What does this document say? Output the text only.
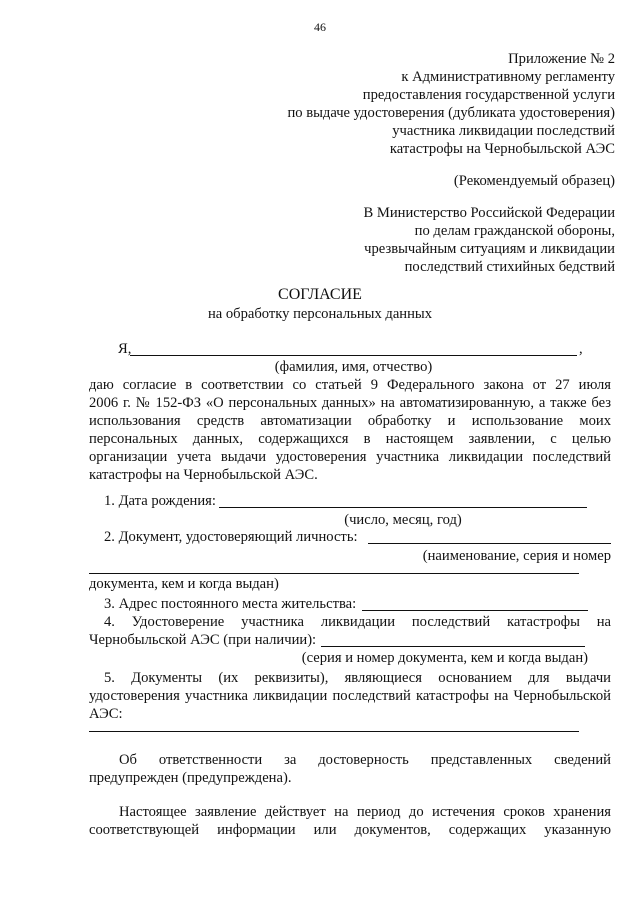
46
Приложение № 2
к Административному регламенту
предоставления государственной услуги
по выдаче удостоверения (дубликата удостоверения)
участника ликвидации последствий
катастрофы на Чернобыльской АЭС
(Рекомендуемый образец)
В Министерство Российской Федерации
по делам гражданской обороны,
чрезвычайным ситуациям и ликвидации
последствий стихийных бедствий
СОГЛАСИЕ
на обработку персональных данных
Я,	,
(фамилия, имя, отчество)
даю согласие в соответствии со статьей 9 Федерального закона от 27 июля
2006 г. № 152-ФЗ «О персональных данных» на автоматизированную, а также без
использования средств автоматизации обработку и использование моих
персональных данных, содержащихся в настоящем заявлении, с целью
организации учета выдачи удостоверения участника ликвидации последствий
катастрофы на Чернобыльской АЭС.
1. Дата рождения:
(число, месяц, год)
2. Документ, удостоверяющий личность:
(наименование, серия и номер
документа, кем и когда выдан)
3. Адрес постоянного места жительства:
4. Удостоверение участника ликвидации последствий катастрофы на
Чернобыльской АЭС (при наличии):
(серия и номер документа, кем и когда выдан)
5. Документы (их реквизиты), являющиеся основанием для выдачи
удостоверения участника ликвидации последствий катастрофы на Чернобыльской
АЭС:
Об ответственности за достоверность представленных сведений
предупрежден (предупреждена).
Настоящее заявление действует на период до истечения сроков хранения
соответствующей информации или документов, содержащих указанную
